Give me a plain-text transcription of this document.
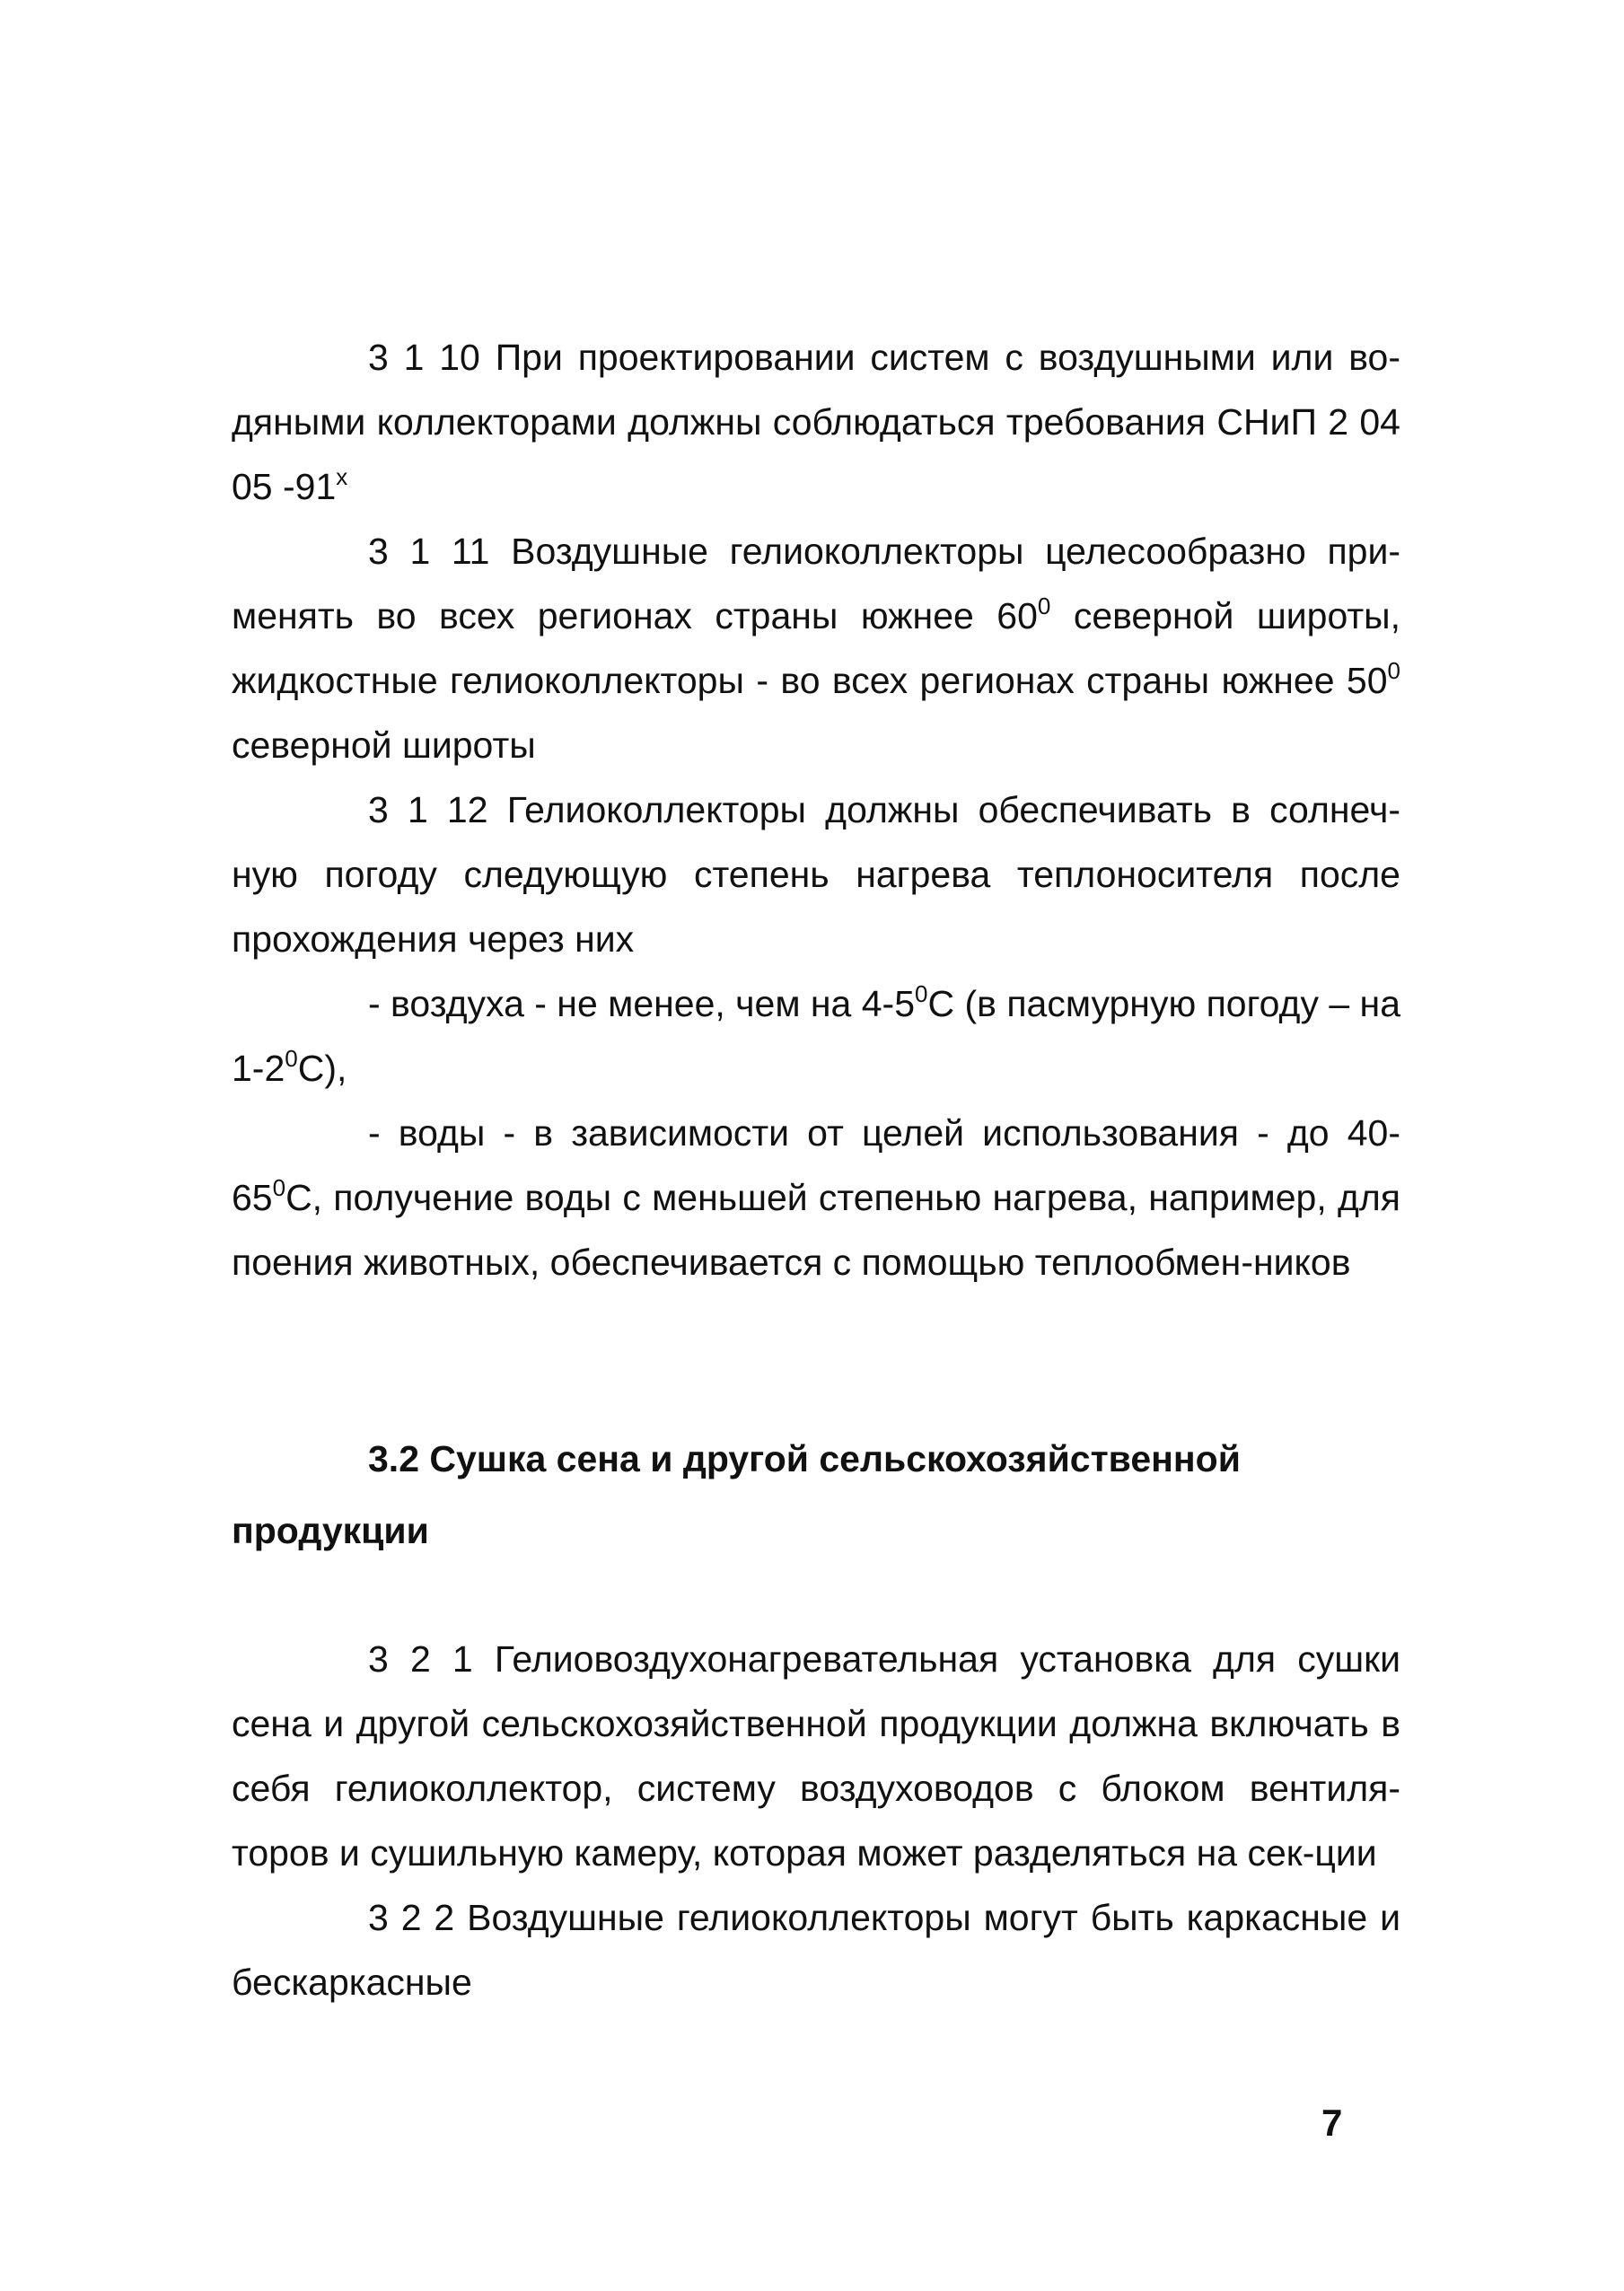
3 1 10 При проектировании систем с воздушными или во-дяными коллекторами должны соблюдаться требования СНиП 2 04 05 -91$^x$

3 1 11 Воздушные гелиоколлекторы целесообразно при-менять во всех регионах страны южнее $60^0$ северной широты, жидкостные гелиоколлекторы - во всех регионах страны южнее $50^0$ северной широты

3 1 12 Гелиоколлекторы должны обеспечивать в солнеч-ную погоду следующую степень нагрева теплоносителя после прохождения через них

- воздуха - не менее, чем на $4-5^0С$ (в пасмурную погоду – на $1-2^0С$),

- воды - в зависимости от целей использования - до $40-65^0С$, получение воды с меньшей степенью нагрева, например, для поения животных, обеспечивается с помощью теплообмен-ников

3.2 Сушка сена и другой сельскохозяйственной продукции

3 2 1 Гелиовоздухонагревательная установка для сушки сена и другой сельскохозяйственной продукции должна включать в себя гелиоколлектор, систему воздуховодов с блоком вентиля-торов и сушильную камеру, которая может разделяться на сек-ции

3 2 2 Воздушные гелиоколлекторы могут быть каркасные и бескаркасные

7
